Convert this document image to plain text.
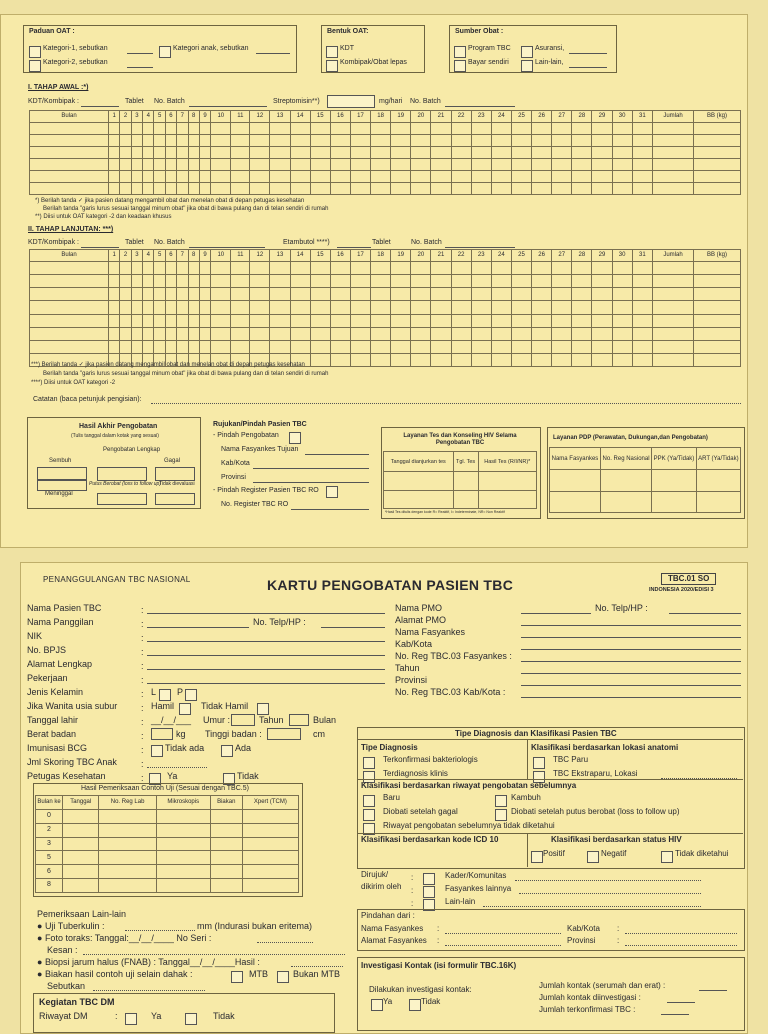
Paduan OAT :
Kategori-1, sebutkan
Kategori-2, sebutkan
Kategori anak, sebutkan
Bentuk OAT:
KDT
Kombipak/Obat lepas
Sumber Obat :
Program TBC
Bayar sendiri
Asuransi,
Lain-lain,
I. TAHAP AWAL :*)
KDT/Kombipak :	Tablet No. Batch	Streptomisin**)	mg/hari No. Batch
Bulan	1	2	3	4	5	6	7	8	9	10	11	12	13	14	15	16	17	18	19	20	21	22	23	24	25	26	27	28	29	30	31	Jumlah	BB (kg)

*) Berilah tanda ✓ jika pasien datang mengambil obat dan menelan obat di depan petugas kesehatan
Berilah tanda "garis lurus sesuai tanggal minum obat" jika obat di bawa pulang dan di telan sendiri di rumah
**) Diisi untuk OAT kategori -2 dan keadaan khusus
II. TAHAP LANJUTAN: ***)
KDT/Kombipak :	Tablet No. Batch	Etambutol ****)	Tablet	No. Batch
Bulan	1	2	3	4	5	6	7	8	9	10	11	12	13	14	15	16	17	18	19	20	21	22	23	24	25	26	27	28	29	30	31	Jumlah	BB (kg)

***) Berilah tanda ✓ jika pasien datang mengambil obat dan menelan obat di depan petugas kesehatan
Berilah tanda "garis lurus sesuai tanggal minum obat" jika obat di bawa pulang dan di telan sendiri di rumah
****) Diisi untuk OAT kategori -2
Catatan (baca petunjuk pengisian):
Hasil Akhir Pengobatan
(Tulis tanggal dalam kotak yang sesuai)
Sembuh
Pengobatan Lengkap
Gagal
Meninggal
Putus Berobat (loss to follow up)
Tidak dievaluasi
Rujukan/Pindah Pasien TBC
- Pindah Pengobatan
Nama Fasyankes Tujuan
Kab/Kota
Provinsi
- Pindah Register Pasien TBC RO
No. Register TBC RO
Layanan Tes dan Konseling HIV Selama Pengobatan TBC
Tanggal dianjurkan tes	Tgl. Tes	Hasil Tes (R/I/NR)*

*Hasil Tes ditulis dengan kode R= Reaktif, I= Indeterminate, NR= Non Reaktif
Layanan PDP (Perawatan, Dukungan,dan Pengobatan)
Nama Fasyankes	No. Reg Nasional	PPK (Ya/Tidak)	ART (Ya/Tidak)

PENANGGULANGAN TBC NASIONAL	KARTU PENGOBATAN PASIEN TBC	TBC.01 SO
INDONESIA 2020/EDISI 3
Nama Pasien TBC
Nama Panggilan	No. Telp/HP :
NIK
No. BPJS
Alamat Lengkap
Pekerjaan
Jenis Kelamin	L P
Jika Wanita usia subur	Hamil	Tidak Hamil
Tanggal lahir	__/__/___ Umur :	Tahun	Bulan
Berat badan	kg Tinggi badan :	cm
Imunisasi BCG	Tidak ada	Ada
Jml Skoring TBC Anak
Petugas Kesehatan	Ya	Tidak
:
:
:
:
:
:
:
:
:
:
:
:
:
Nama PMO	No. Telp/HP :
Alamat PMO
Nama Fasyankes
Kab/Kota
No. Reg TBC.03 Fasyankes :
Tahun
Provinsi
No. Reg TBC.03 Kab/Kota :
Hasil Pemeriksaan Contoh Uji (Sesuai dengan TBC.5)
Bulan ke	Tanggal	No. Reg Lab	Mikroskopis	Biakan	Xpert (TCM)
0					
2					
3					
5					
6					
8					
Pemeriksaan Lain-lain
● Uji Tuberkulin :	mm (Indurasi bukan eritema)
● Foto toraks: Tanggal:__/__/____ No Seri :
Kesan :
● Biopsi jarum halus (FNAB) : Tanggal__/__/____Hasil :
● Biakan hasil contoh uji selain dahak :	MTB	Bukan MTB
Sebutkan
Kegiatan TBC DM
Riwayat DM	:	Ya	Tidak
Tipe Diagnosis dan Klasifikasi Pasien TBC
Tipe Diagnosis
Terkonfirmasi bakteriologis
Terdiagnosis klinis
Klasifikasi berdasarkan lokasi anatomi
TBC Paru
TBC Ekstraparu, Lokasi
Klasifikasi berdasarkan riwayat pengobatan sebelumnya
Baru	Kambuh
Diobati setelah gagal	Diobati setelah putus berobat (loss to follow up)
Riwayat pengobatan sebelumnya tidak diketahui
Klasifikasi berdasarkan kode ICD 10	Klasifikasi berdasarkan status HIV
Positif	Negatif	Tidak diketahui
Dirujuk/ dikirim oleh
:
:
:
Kader/Komunitas
Fasyankes lainnya
Lain-lain
Pindahan dari :
Nama Fasyankes :	Kab/Kota :
Alamat Fasyankes :	Provinsi	:
Investigasi Kontak (isi formulir TBC.16K)
Dilakukan investigasi kontak:
Ya	Tidak
Jumlah kontak (serumah dan erat) :
Jumlah kontak diinvestigasi :
Jumlah terkonfirmasi TBC :
